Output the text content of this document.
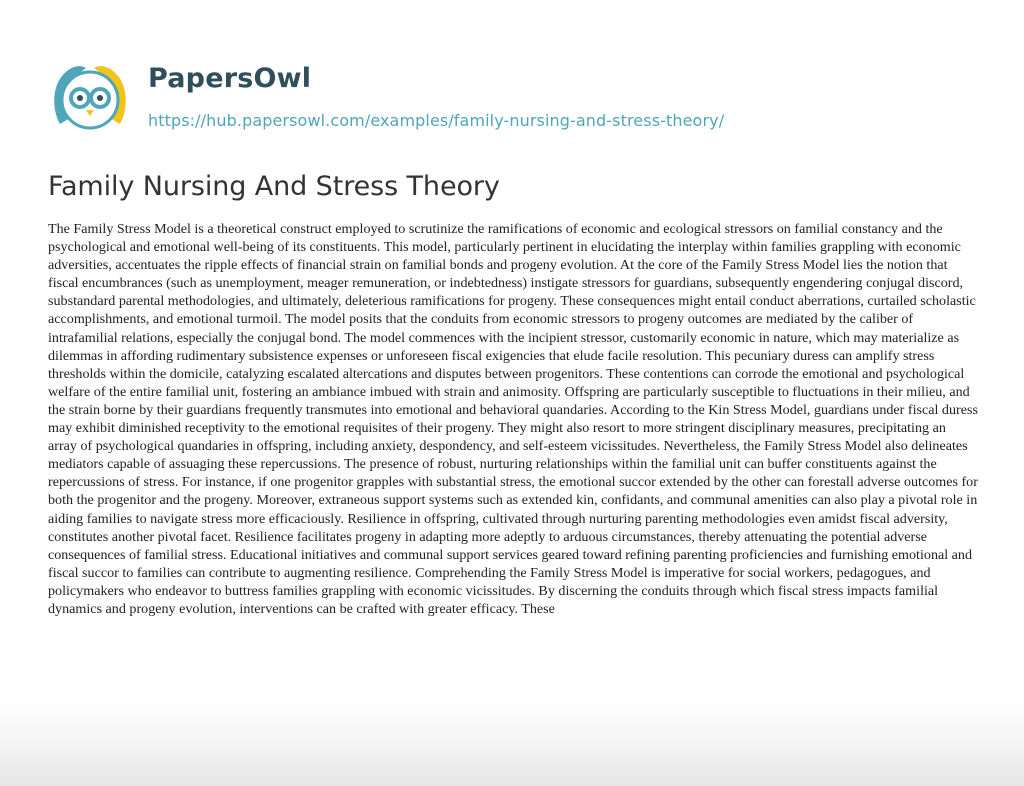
PapersOwl
https://hub.papersowl.com/examples/family-nursing-and-stress-theory/
Family Nursing And Stress Theory

The Family Stress Model is a theoretical construct employed to scrutinize the ramifications of economic and ecological stressors on familial constancy and the psychological and emotional well-being of its constituents. This model, particularly pertinent in elucidating the interplay within families grappling with economic adversities, accentuates the ripple effects of financial strain on familial bonds and progeny evolution. At the core of the Family Stress Model lies the notion that fiscal encumbrances (such as unemployment, meager remuneration, or indebtedness) instigate stressors for guardians, subsequently engendering conjugal discord, substandard parental methodologies, and ultimately, deleterious ramifications for progeny. These consequences might entail conduct aberrations, curtailed scholastic accomplishments, and emotional turmoil. The model posits that the conduits from economic stressors to progeny outcomes are mediated by the caliber of intrafamilial relations, especially the conjugal bond. The model commences with the incipient stressor, customarily economic in nature, which may materialize as dilemmas in affording rudimentary subsistence expenses or unforeseen fiscal exigencies that elude facile resolution. This pecuniary duress can amplify stress thresholds within the domicile, catalyzing escalated altercations and disputes between progenitors. These contentions can corrode the emotional and psychological welfare of the entire familial unit, fostering an ambiance imbued with strain and animosity. Offspring are particularly susceptible to fluctuations in their milieu, and the strain borne by their guardians frequently transmutes into emotional and behavioral quandaries. According to the Kin Stress Model, guardians under fiscal duress may exhibit diminished receptivity to the emotional requisites of their progeny. They might also resort to more stringent disciplinary measures, precipitating an array of psychological quandaries in offspring, including anxiety, despondency, and self-esteem vicissitudes. Nevertheless, the Family Stress Model also delineates mediators capable of assuaging these repercussions. The presence of robust, nurturing relationships within the familial unit can buffer constituents against the repercussions of stress. For instance, if one progenitor grapples with substantial stress, the emotional succor extended by the other can forestall adverse outcomes for both the progenitor and the progeny. Moreover, extraneous support systems such as extended kin, confidants, and communal amenities can also play a pivotal role in aiding families to navigate stress more efficaciously. Resilience in offspring, cultivated through nurturing parenting methodologies even amidst fiscal adversity, constitutes another pivotal facet. Resilience facilitates progeny in adapting more adeptly to arduous circumstances, thereby attenuating the potential adverse consequences of familial stress. Educational initiatives and communal support services geared toward refining parenting proficiencies and furnishing emotional and fiscal succor to families can contribute to augmenting resilience. Comprehending the Family Stress Model is imperative for social workers, pedagogues, and policymakers who endeavor to buttress families grappling with economic vicissitudes. By discerning the conduits through which fiscal stress impacts familial dynamics and progeny evolution, interventions can be crafted with greater efficacy. These
